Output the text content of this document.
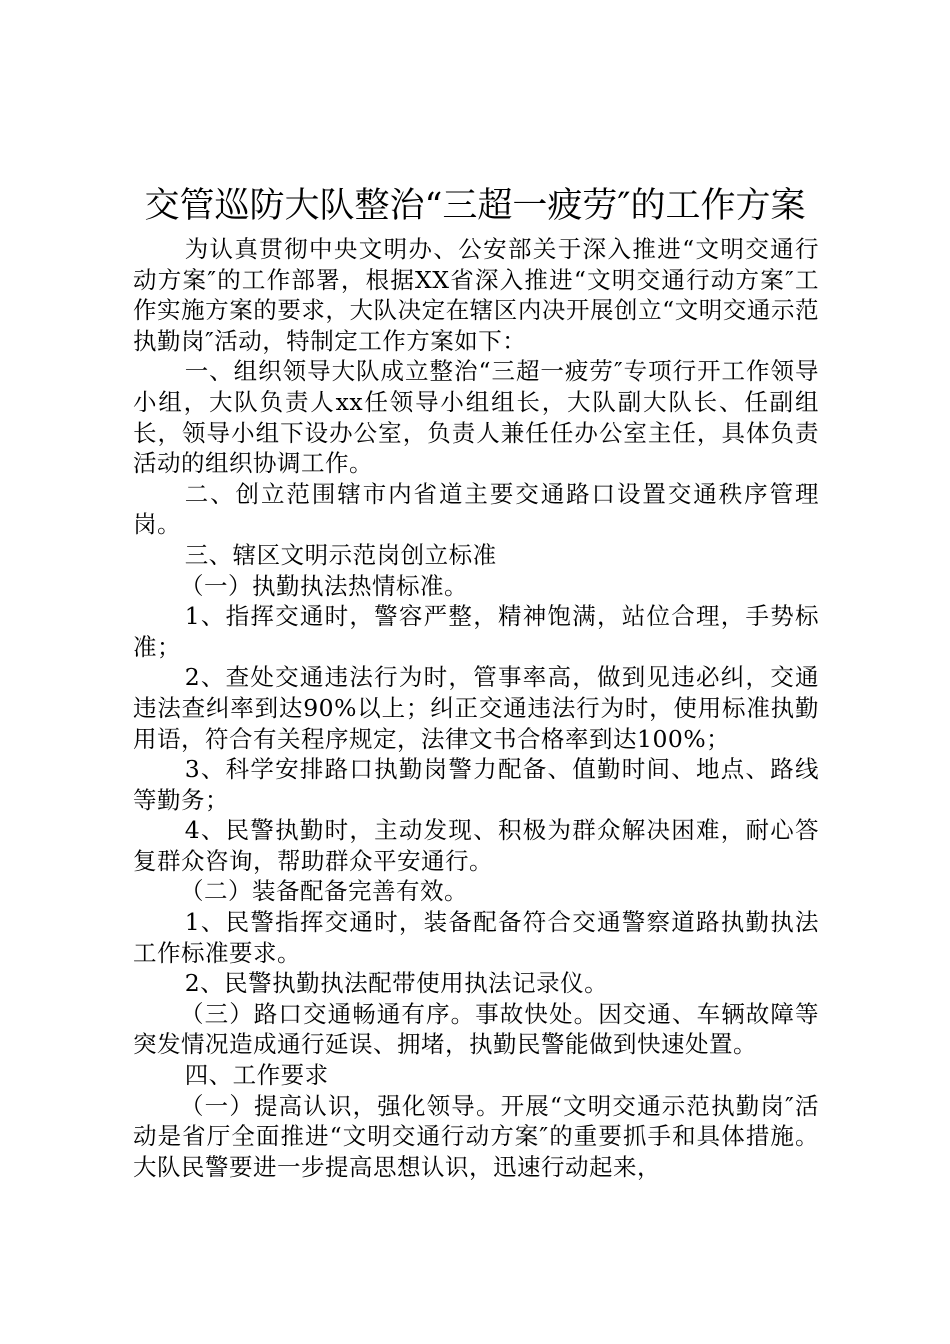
交管巡防大队整治“三超一疲劳″的工作方案

为认真贯彻中央文明办、公安部关于深入推进“文明交通行动方案″的工作部署，根据XX省深入推进“文明交通行动方案″工作实施方案的要求，大队决定在辖区内决开展创立“文明交通示范执勤岗″活动，特制定工作方案如下：

一、组织领导大队成立整治“三超一疲劳″专项行开工作领导小组，大队负责人xx任领导小组组长，大队副大队长、任副组长，领导小组下设办公室，负责人兼任任办公室主任，具体负责活动的组织协调工作。

二、创立范围辖市内省道主要交通路口设置交通秩序管理岗。

三、辖区文明示范岗创立标准

（一）执勤执法热情标准。

1、指挥交通时，警容严整，精神饱满，站位合理，手势标准；

2、查处交通违法行为时，管事率高，做到见违必纠，交通违法查纠率到达90%以上；纠正交通违法行为时，使用标准执勤用语，符合有关程序规定，法律文书合格率到达100%；

3、科学安排路口执勤岗警力配备、值勤时间、地点、路线等勤务；

4、民警执勤时，主动发现、积极为群众解决困难，耐心答复群众咨询，帮助群众平安通行。

（二）装备配备完善有效。

1、民警指挥交通时，装备配备符合交通警察道路执勤执法工作标准要求。

2、民警执勤执法配带使用执法记录仪。

（三）路口交通畅通有序。事故快处。因交通、车辆故障等突发情况造成通行延误、拥堵，执勤民警能做到快速处置。

四、工作要求

（一）提高认识，强化领导。开展“文明交通示范执勤岗″活动是省厅全面推进“文明交通行动方案″的重要抓手和具体措施。大队民警要进一步提高思想认识，迅速行动起来，
